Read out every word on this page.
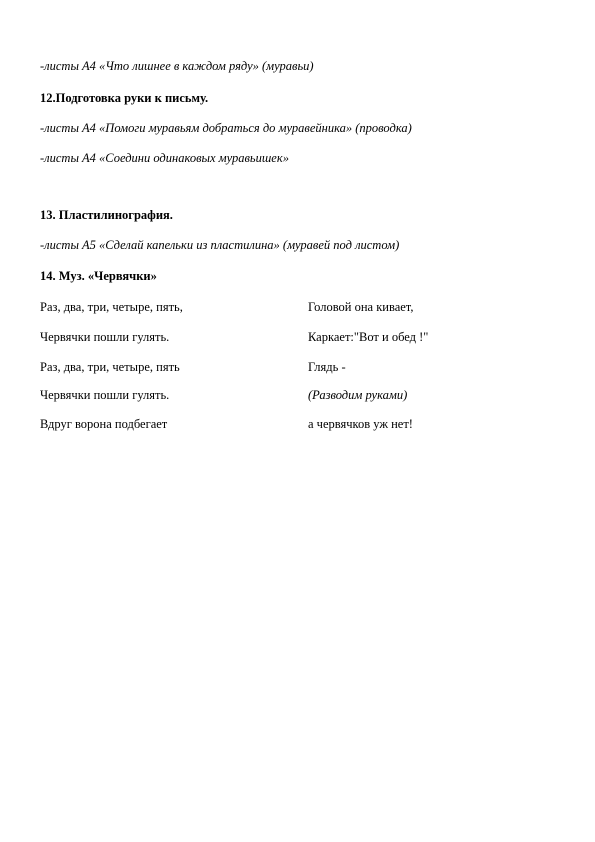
-листы А4 «Что лишнее в каждом ряду» (муравьи)
12.Подготовка руки к письму.
-листы А4 «Помоги муравьям добраться до муравейника» (проводка)
-листы А4 «Соедини одинаковых муравьишек»
13. Пластилинография.
-листы А5 «Сделай капельки из пластилина» (муравей под листом)
14. Муз. «Червячки»
Раз, два, три, четыре, пять,	Головой она кивает,
Червячки пошли гулять.	Каркает:"Вот и обед !"
Раз, два, три, четыре, пять	Глядь -
Червячки пошли гулять.	(Разводим руками)
Вдруг ворона подбегает	а червячков уж нет!
